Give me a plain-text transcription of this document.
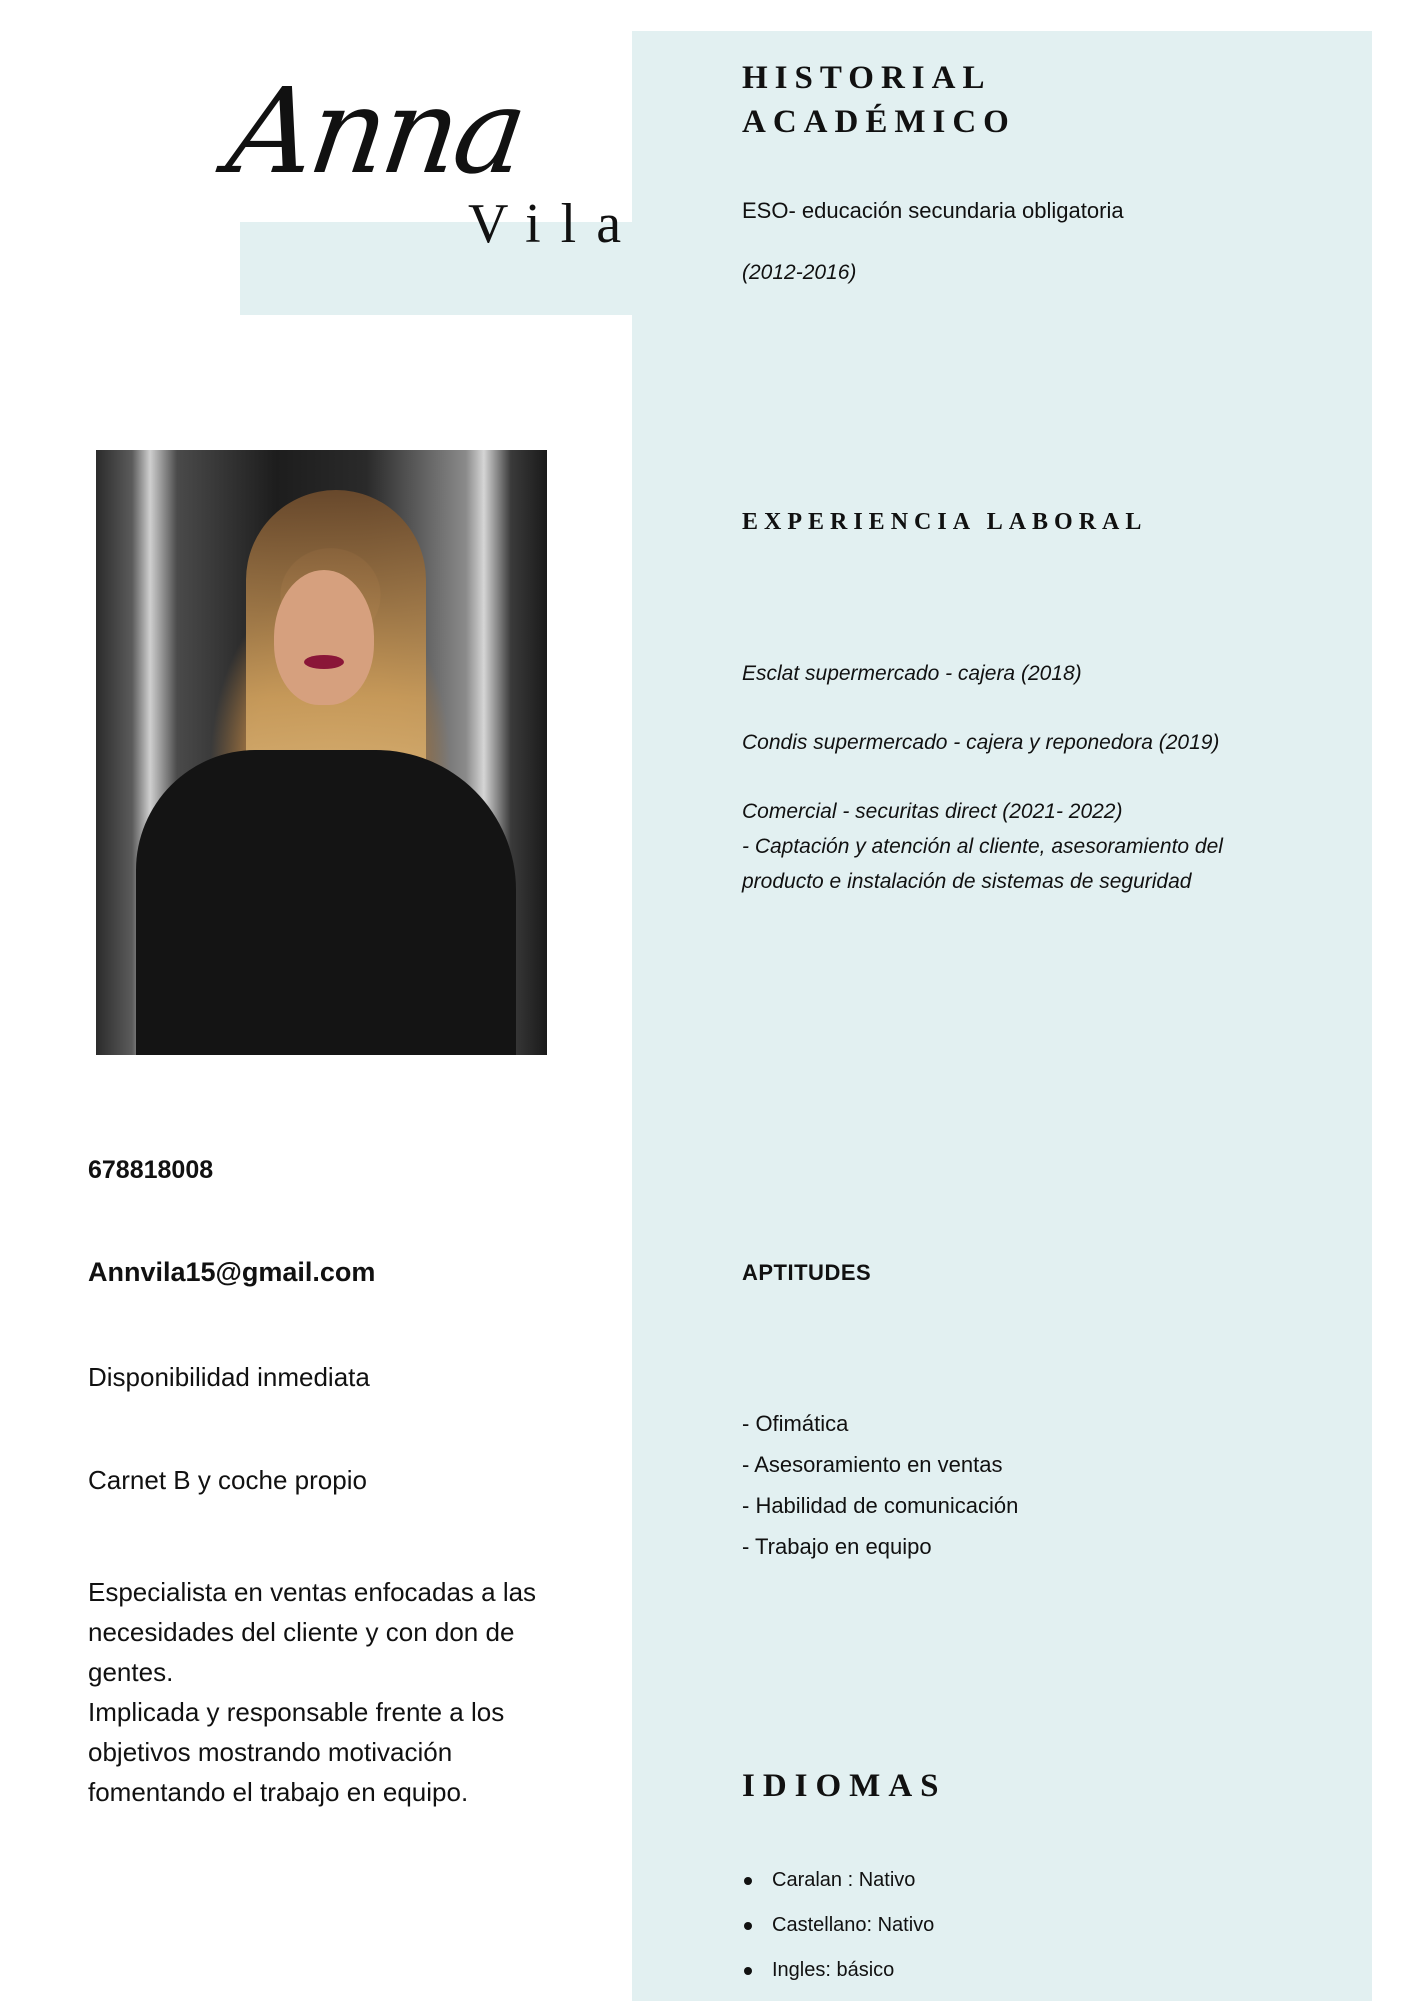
Anna
Vila
678818008
Annvila15@gmail.com
Disponibilidad inmediata
Carnet B y coche propio

Especialista en ventas enfocadas a las necesidades del cliente y con don de gentes.

Implicada y responsable frente a los objetivos mostrando motivación fomentando el trabajo en equipo.

HISTORIAL ACADÉMICO
ESO- educación secundaria obligatoria
(2012-2016)
EXPERIENCIA LABORAL
Esclat supermercado - cajera (2018)
Condis supermercado - cajera y reponedora (2019)
Comercial - securitas direct (2021- 2022)
- Captación y atención al cliente, asesoramiento del producto e instalación de sistemas de seguridad
APTITUDES
- Ofimática
- Asesoramiento en ventas
- Habilidad de comunicación
- Trabajo en equipo
IDIOMAS
Caralan : Nativo
Castellano: Nativo
Ingles: básico
